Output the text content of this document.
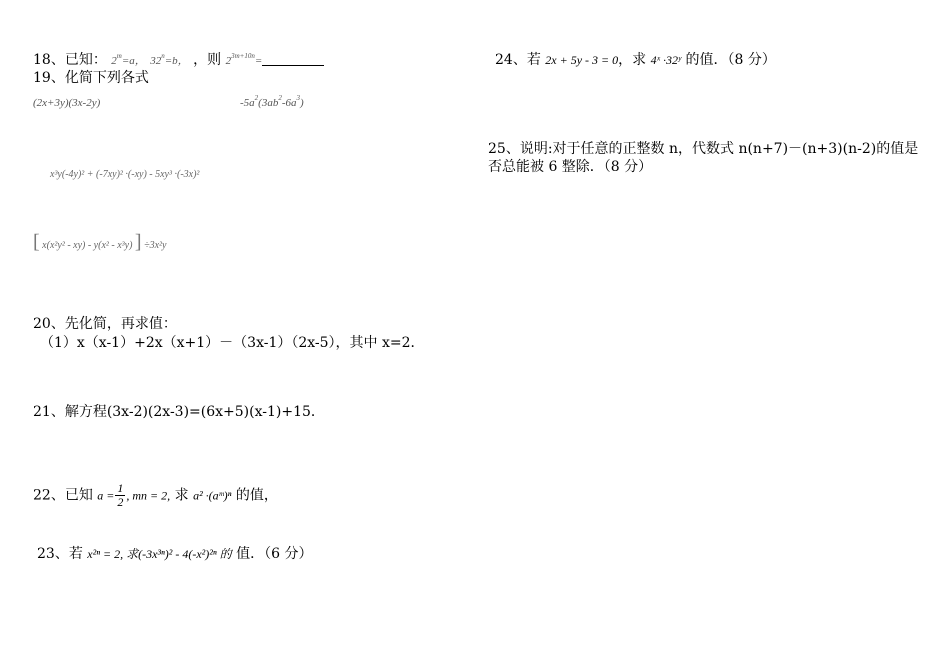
18、已知： $2^m=a$， $32^n=b$， ，则 $2^{3m+10n}=$
19、化简下列各式
(2x+3y)(3x-2y)	$-5a^2(3ab^2-6a^3)$
x³y(-4y)² + (-7xy)² ·(-xy) - 5xy³ ·(-3x)²
[ x(x²y² - xy) - y(x² - x³y) ] ÷3x²y
20、先化简，再求值：
（1）x（x-1）+2x（x+1）－（3x-1）（2x-5），其中 x=2．
21、解方程(3x-2)(2x-3)=(6x+5)(x-1)+15．
22、已知 $a = \frac{1}{2}$ , mn = 2, 求 a² ·(aᵐ)ⁿ 的值，
23、若 x²ⁿ = 2, 求(-3x³ⁿ)² - 4(-x²)²ⁿ 的 值．（6 分）
24、若 2x + 5y - 3 = 0，求 4ˣ ·32ʸ 的值．（8 分）
25、说明:对于任意的正整数 n，代数式 n(n+7)－(n+3)(n-2)的值是否总能被 6 整除．（8 分）
